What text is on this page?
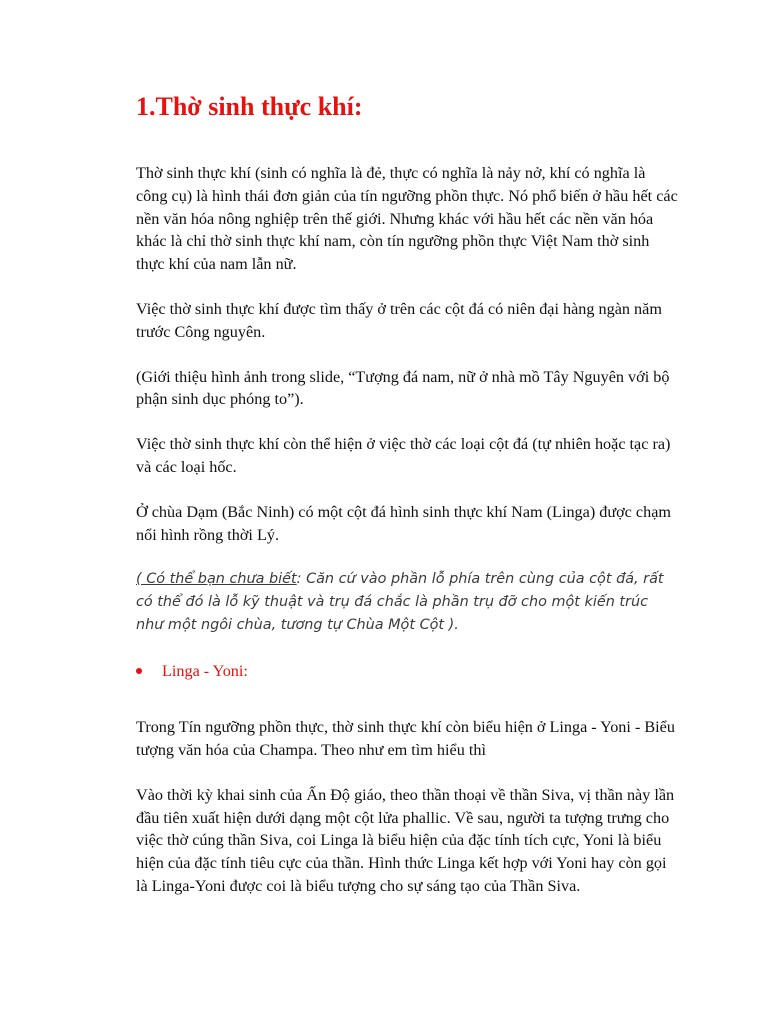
1.Thờ sinh thực khí:

Thờ sinh thực khí (sinh có nghĩa là đẻ, thực có nghĩa là nảy nở, khí có nghĩa là công cụ) là hình thái đơn giản của tín ngưỡng phồn thực. Nó phổ biến ở hầu hết các nền văn hóa nông nghiệp trên thế giới. Nhưng khác với hầu hết các nền văn hóa khác là chỉ thờ sinh thực khí nam, còn tín ngưỡng phồn thực Việt Nam thờ sinh thực khí của nam lẫn nữ.

Việc thờ sinh thực khí được tìm thấy ở trên các cột đá có niên đại hàng ngàn năm trước Công nguyên.

(Giới thiệu hình ảnh trong slide, “Tượng đá nam, nữ ở nhà mồ Tây Nguyên với bộ phận sinh dục phóng to”).

Việc thờ sinh thực khí còn thể hiện ở việc thờ các loại cột đá (tự nhiên hoặc tạc ra) và các loại hốc.

Ở chùa Dạm (Bắc Ninh) có một cột đá hình sinh thực khí Nam (Linga) được chạm nổi hình rồng thời Lý.

( Có thể bạn chưa biết: Căn cứ vào phần lỗ phía trên cùng của cột đá, rất có thể đó là lỗ kỹ thuật và trụ đá chắc là phần trụ đỡ cho một kiến trúc như một ngôi chùa, tương tự Chùa Một Cột ).

Linga - Yoni:

Trong Tín ngưỡng phồn thực, thờ sinh thực khí còn biểu hiện ở Linga - Yoni - Biểu tượng văn hóa của Champa. Theo như em tìm hiểu thì

Vào thời kỳ khai sinh của Ấn Độ giáo, theo thần thoại về thần Siva, vị thần này lần đầu tiên xuất hiện dưới dạng một cột lửa phallic. Về sau, người ta tượng trưng cho việc thờ cúng thần Siva, coi Linga là biểu hiện của đặc tính tích cực, Yoni là biểu hiện của đặc tính tiêu cực của thần. Hình thức Linga kết hợp với Yoni hay còn gọi là Linga-Yoni được coi là biểu tượng cho sự sáng tạo của Thần Siva.
